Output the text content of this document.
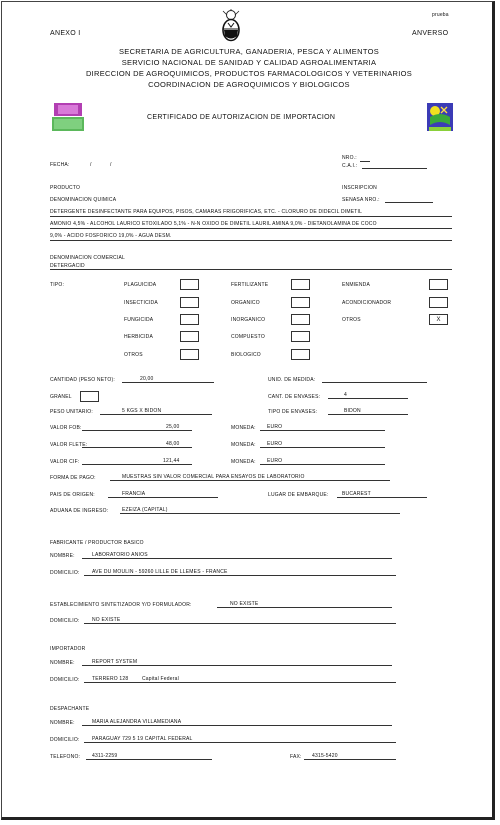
prueba
ANEXO I	ANVERSO
SECRETARIA DE AGRICULTURA, GANADERIA, PESCA Y ALIMENTOS
SERVICIO NACIONAL DE SANIDAD Y CALIDAD AGROALIMENTARIA
DIRECCION DE AGROQUIMICOS, PRODUCTOS FARMACOLOGICOS Y VETERINARIOS
COORDINACION DE AGROQUIMICOS Y BIOLOGICOS
CERTIFICADO DE AUTORIZACION DE IMPORTACION
NRO.:
C.A.I.:
FECHA:	/	/
PRODUCTO	INSCRIPCION
DENOMINACION QUIMICA	SENASA NRO.:
DETERGENTE DESINFECTANTE PARA EQUIPOS, PISOS, CAMARAS FRIGORIFICAS, ETC. - CLORURO DE DIDECIL DIMETIL
AMONIO 4,5% - ALCOHOL LAURICO ETOXILADO 5,1% - N-N OXIDO DE DIMETIL LAURIL AMINA 9,0% - DIETANOLAMINA DE COCO
9,0% - ACIDO FOSFORICO 19,0% - AGUA DESM.
DENOMINACION COMERCIAL
DETERGACID
TIPO:	PLAGUICIDA	FERTILIZANTE	ENMIENDA
INSECTICIDA	ORGANICO	ACONDICIONADOR
FUNGICIDA	INORGANICO	OTROS	X
HERBICIDA	COMPUESTO
OTROS	BIOLOGICO
CANTIDAD (PESO NETO):	20,00	UNID. DE MEDIDA:
GRANEL	CANT. DE ENVASES:	4
PESO UNITARIO:	5 KGS X BIDON	TIPO DE ENVASES:	BIDON
VALOR FOB:	25,00	MONEDA: EURO
VALOR FLETE:	48,00	MONEDA: EURO
VALOR CIF:	121,44	MONEDA: EURO
FORMA DE PAGO:	MUESTRAS SIN VALOR COMERCIAL PARA ENSAYOS DE LABORATORIO
PAIS DE ORIGEN:	FRANCIA	LUGAR DE EMBARQUE:	BUCAREST
ADUANA DE INGRESO:	EZEIZA (CAPITAL)
FABRICANTE / PRODUCTOR BASICO
NOMBRE:	LABORATORIO ANIOS
DOMICILIO: AVE DU MOULIN - 59260 LILLE DE LLEMES - FRANCE
ESTABLECIMIENTO SINTETIZADOR Y/O FORMULADOR:	NO EXISTE
DOMICILIO: NO EXISTE
IMPORTADOR
NOMBRE:	REPORT SYSTEM
DOMICILIO: TERRERO 128	Capital Federal
DESPACHANTE
NOMBRE:	MARIA ALEJANDRA VILLAMEDIANA
DOMICILIO: PARAGUAY 729 5 19 CAPITAL FEDERAL
TELEFONO: 4311-2259	FAX: 4315-5420
